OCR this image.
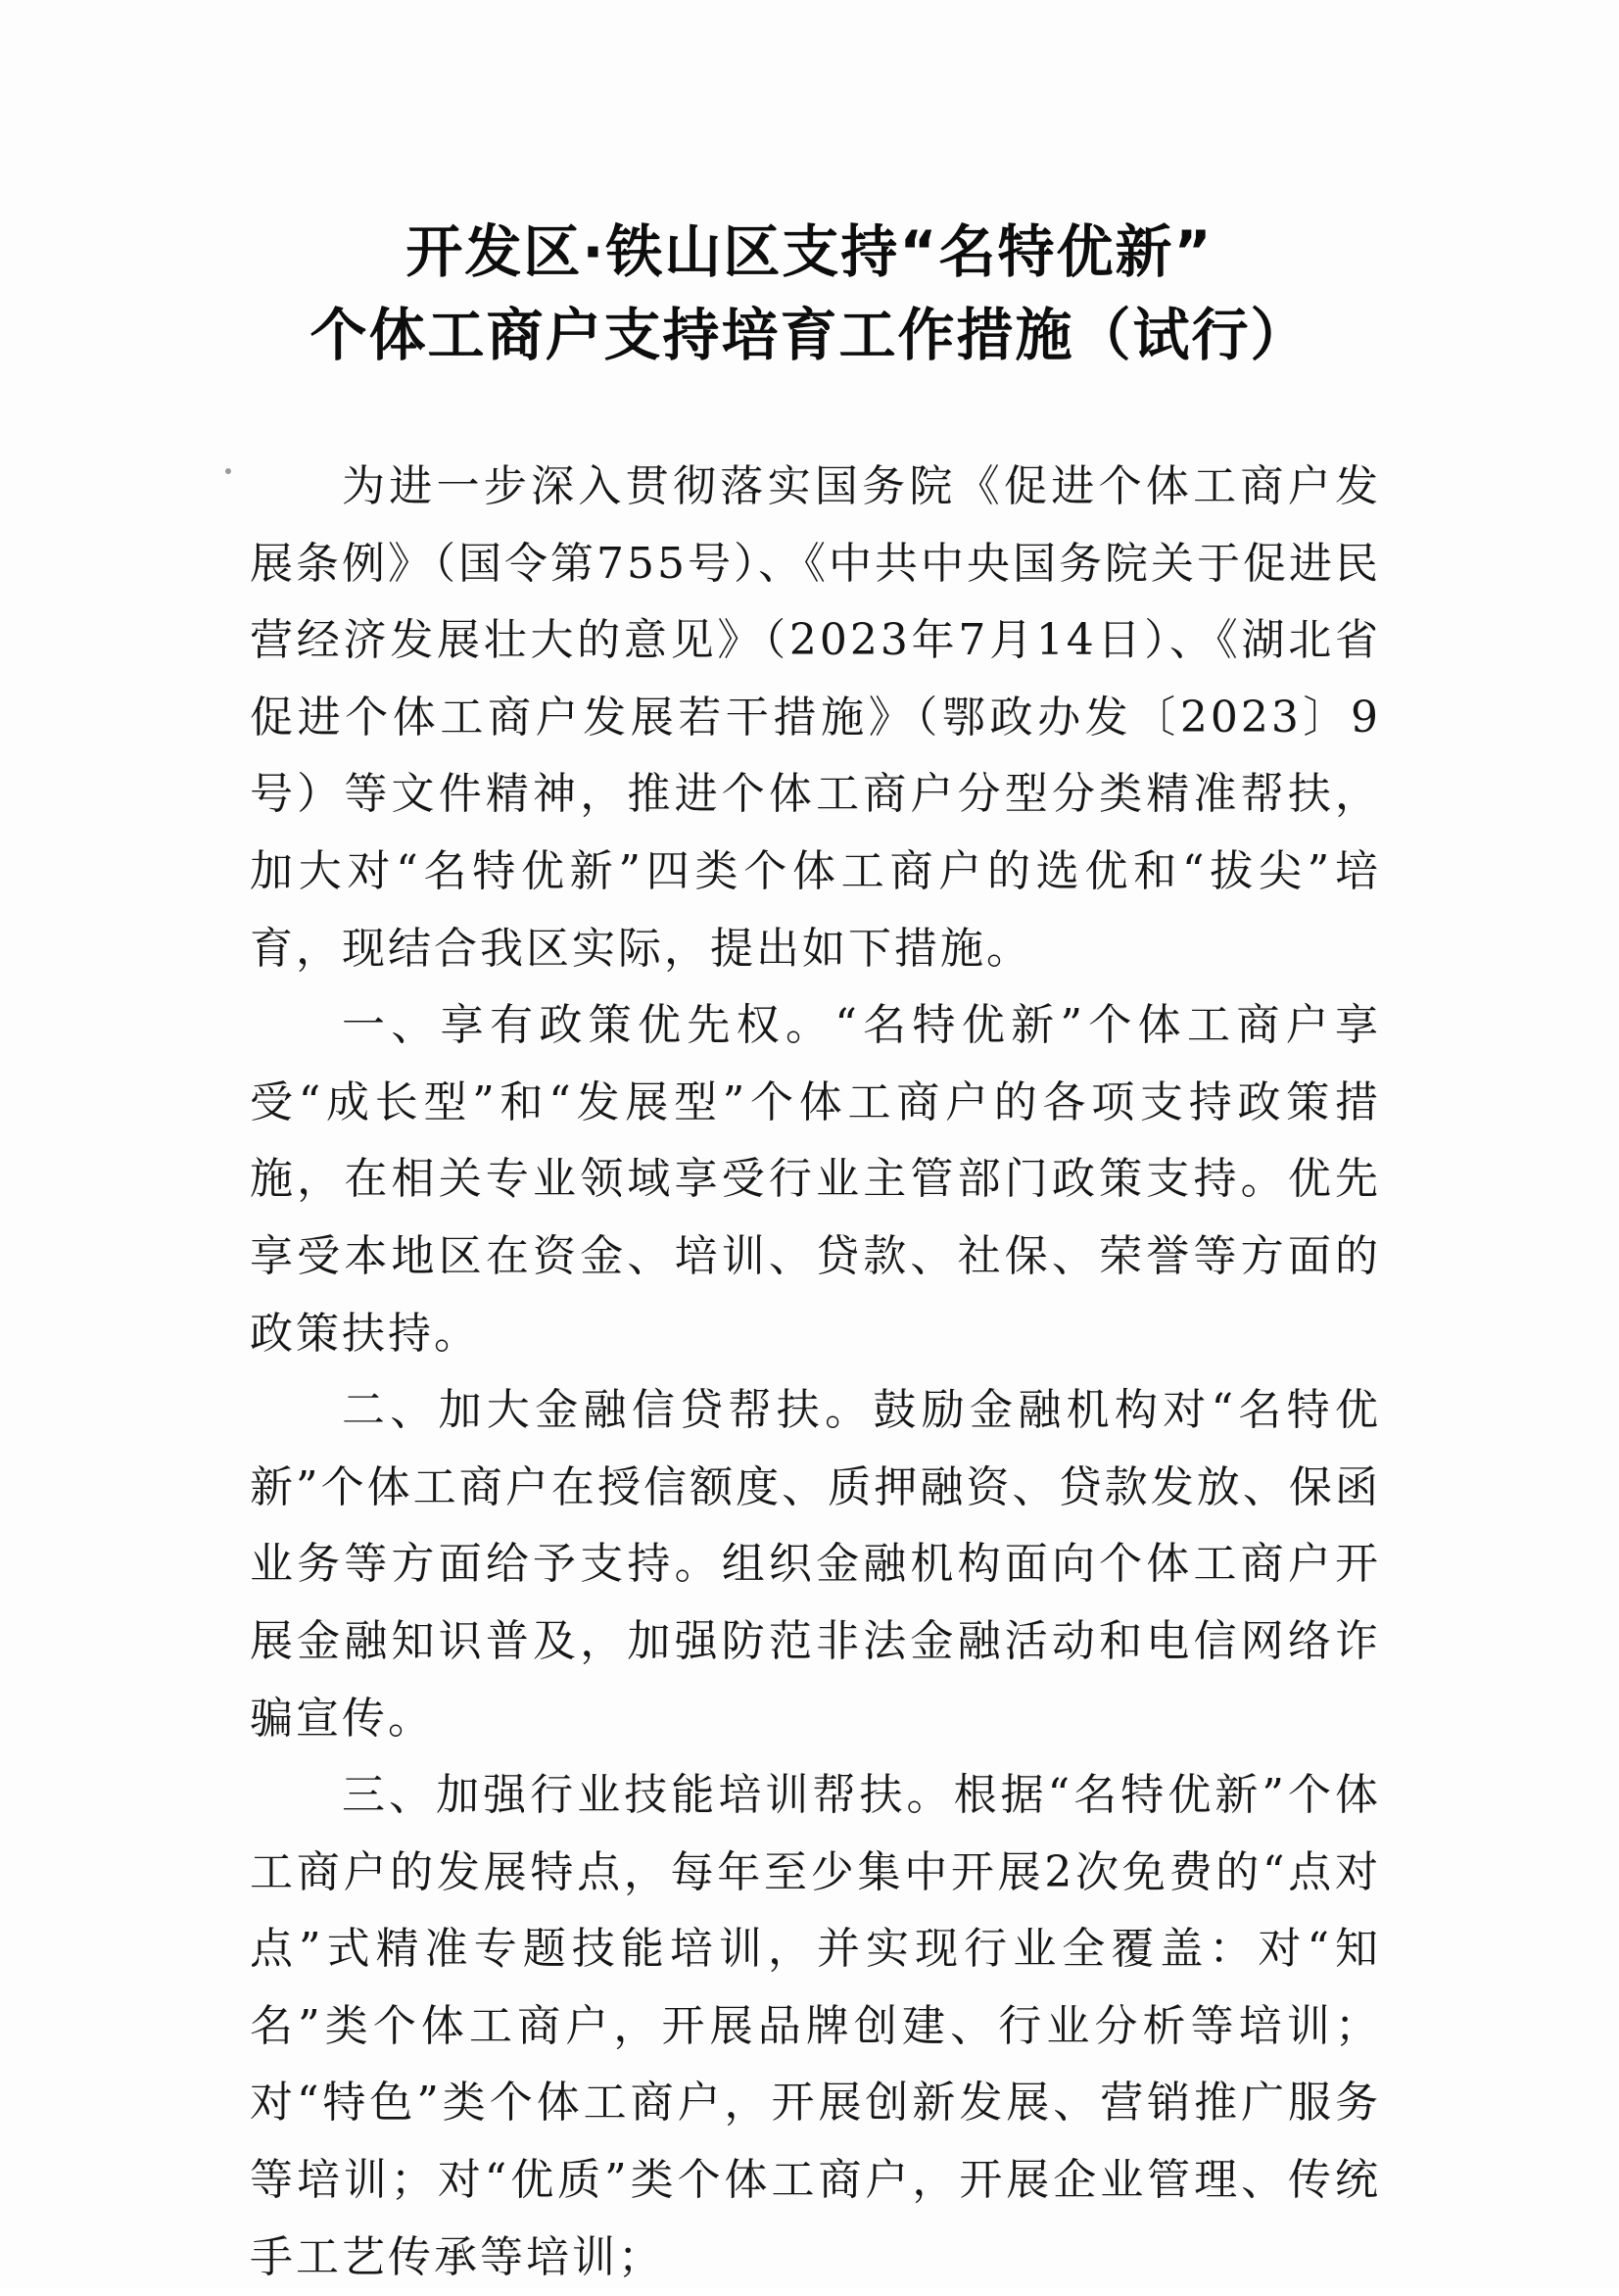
开发区·铁山区支持“名特优新”
个体工商户支持培育工作措施（试行）

为进一步深入贯彻落实国务院《促进个体工商户发展条例》（国令第755号）、《中共中央国务院关于促进民营经济发展壮大的意见》（2023年7月14日）、《湖北省促进个体工商户发展若干措施》（鄂政办发〔2023〕9号）等文件精神，推进个体工商户分型分类精准帮扶，加大对“名特优新”四类个体工商户的选优和“拔尖”培育，现结合我区实际，提出如下措施。

一、享有政策优先权。“名特优新”个体工商户享受“成长型”和“发展型”个体工商户的各项支持政策措施，在相关专业领域享受行业主管部门政策支持。优先享受本地区在资金、培训、贷款、社保、荣誉等方面的政策扶持。

二、加大金融信贷帮扶。鼓励金融机构对“名特优新”个体工商户在授信额度、质押融资、贷款发放、保函业务等方面给予支持。组织金融机构面向个体工商户开展金融知识普及，加强防范非法金融活动和电信网络诈骗宣传。

三、加强行业技能培训帮扶。根据“名特优新”个体工商户的发展特点，每年至少集中开展2次免费的“点对点”式精准专题技能培训，并实现行业全覆盖：对“知名”类个体工商户，开展品牌创建、行业分析等培训；对“特色”类个体工商户，开展创新发展、营销推广服务等培训；对“优质”类个体工商户，开展企业管理、传统手工艺传承等培训；
